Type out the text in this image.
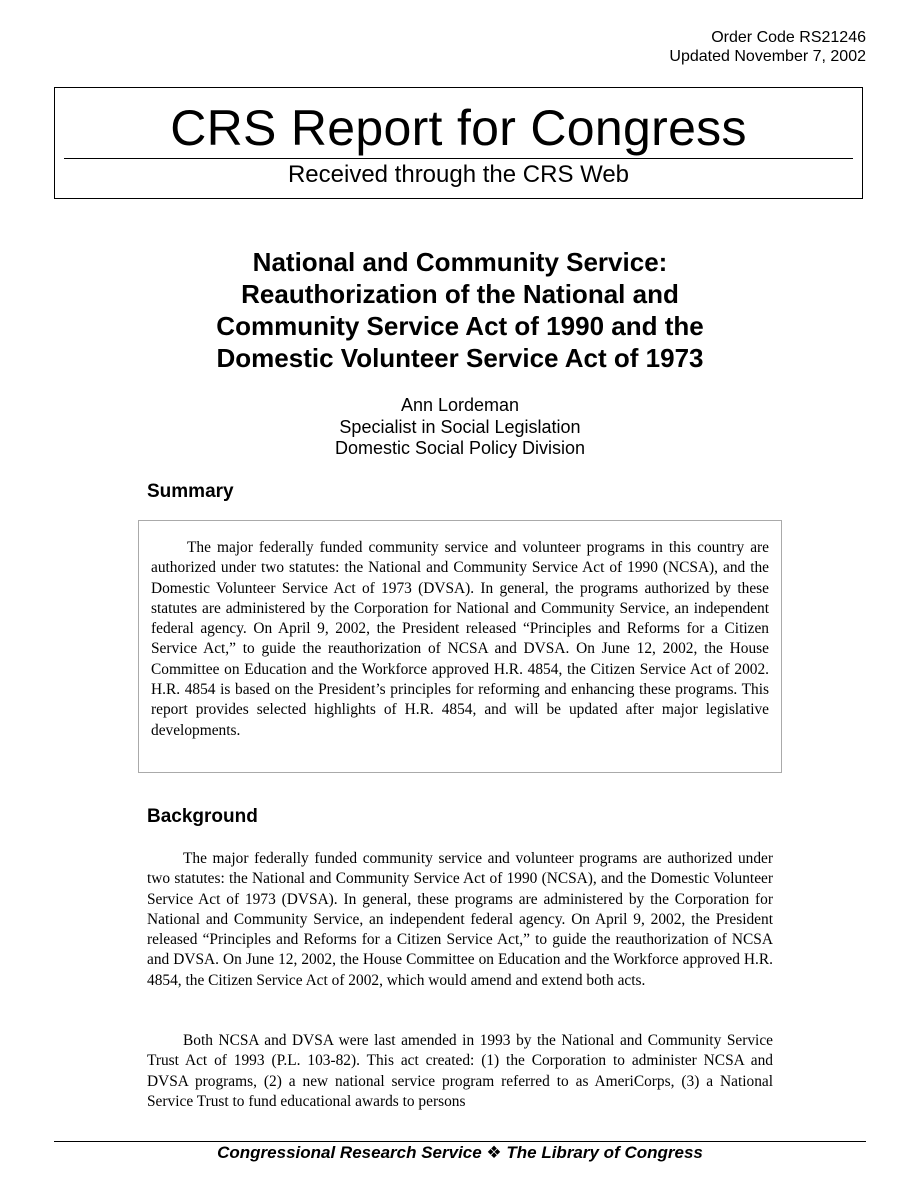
Order Code RS21246
Updated November 7, 2002
CRS Report for Congress
Received through the CRS Web
National and Community Service:
Reauthorization of the National and
Community Service Act of 1990 and the
Domestic Volunteer Service Act of 1973
Ann Lordeman
Specialist in Social Legislation
Domestic Social Policy Division
Summary
The major federally funded community service and volunteer programs in this country are authorized under two statutes: the National and Community Service Act of 1990 (NCSA), and the Domestic Volunteer Service Act of 1973 (DVSA). In general, the programs authorized by these statutes are administered by the Corporation for National and Community Service, an independent federal agency. On April 9, 2002, the President released “Principles and Reforms for a Citizen Service Act,” to guide the reauthorization of NCSA and DVSA. On June 12, 2002, the House Committee on Education and the Workforce approved H.R. 4854, the Citizen Service Act of 2002. H.R. 4854 is based on the President’s principles for reforming and enhancing these programs. This report provides selected highlights of H.R. 4854, and will be updated after major legislative developments.
Background
The major federally funded community service and volunteer programs are authorized under two statutes: the National and Community Service Act of 1990 (NCSA), and the Domestic Volunteer Service Act of 1973 (DVSA). In general, these programs are administered by the Corporation for National and Community Service, an independent federal agency. On April 9, 2002, the President released “Principles and Reforms for a Citizen Service Act,” to guide the reauthorization of NCSA and DVSA. On June 12, 2002, the House Committee on Education and the Workforce approved H.R. 4854, the Citizen Service Act of 2002, which would amend and extend both acts.
Both NCSA and DVSA were last amended in 1993 by the National and Community Service Trust Act of 1993 (P.L. 103-82). This act created: (1) the Corporation to administer NCSA and DVSA programs, (2) a new national service program referred to as AmeriCorps, (3) a National Service Trust to fund educational awards to persons
Congressional Research Service ❖ The Library of Congress
